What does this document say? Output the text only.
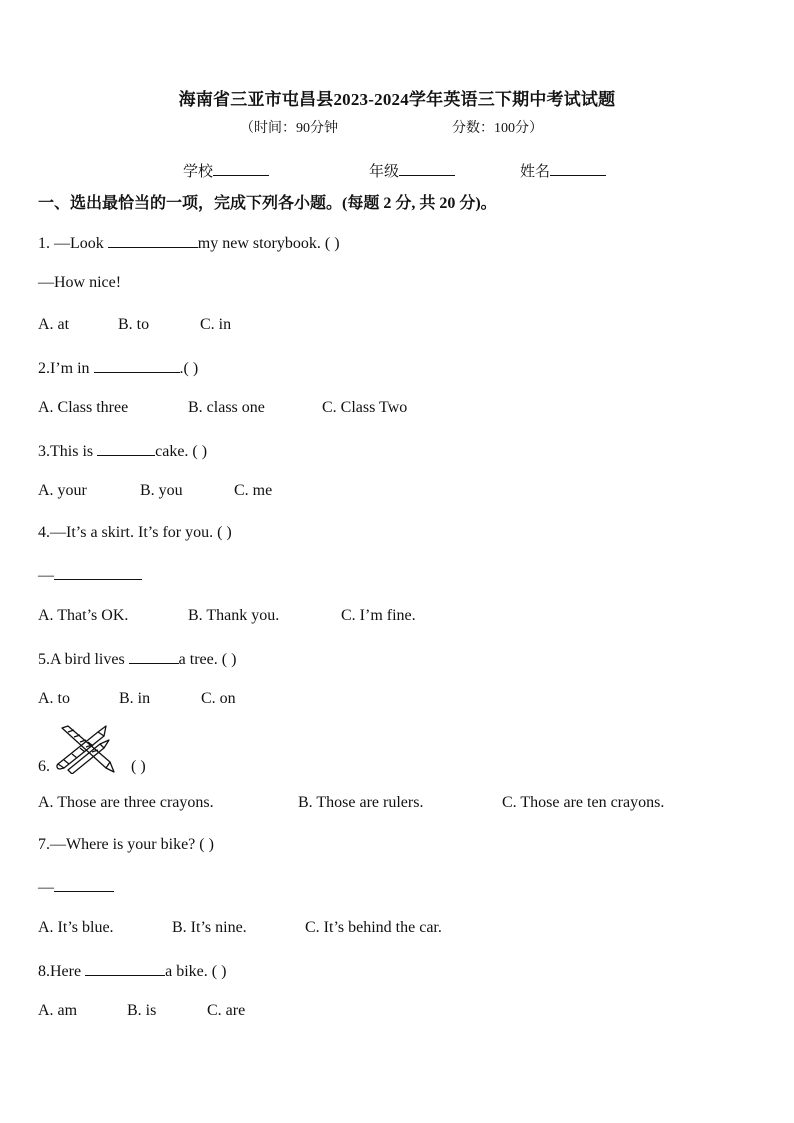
海南省三亚市屯昌县2023-2024学年英语三下期中考试试题
（时间：90分钟	分数：100分）
学校	年级	姓名
一、选出最恰当的一项，完成下列各小题。(每题 2 分, 共 20 分)。
1. —Look	my new storybook. ( )
—How nice!
A. at	B. to	C. in
2.I’m in	.( )
A. Class three	B. class one	C. Class Two
3.This is	cake. ( )
A. your	B. you	C. me
4.—It’s a skirt. It’s for you. ( )
—
A. That’s OK.	B. Thank you.	C. I’m fine.
5.A bird lives	a tree. ( )
A. to	B. in	C. on
6.	( )
A. Those are three crayons.	B. Those are rulers.	C. Those are ten crayons.
7.—Where is your bike? ( )
—
A. It’s blue.	B. It’s nine.	C. It’s behind the car.
8.Here	a bike. ( )
A. am	B. is	C. are
